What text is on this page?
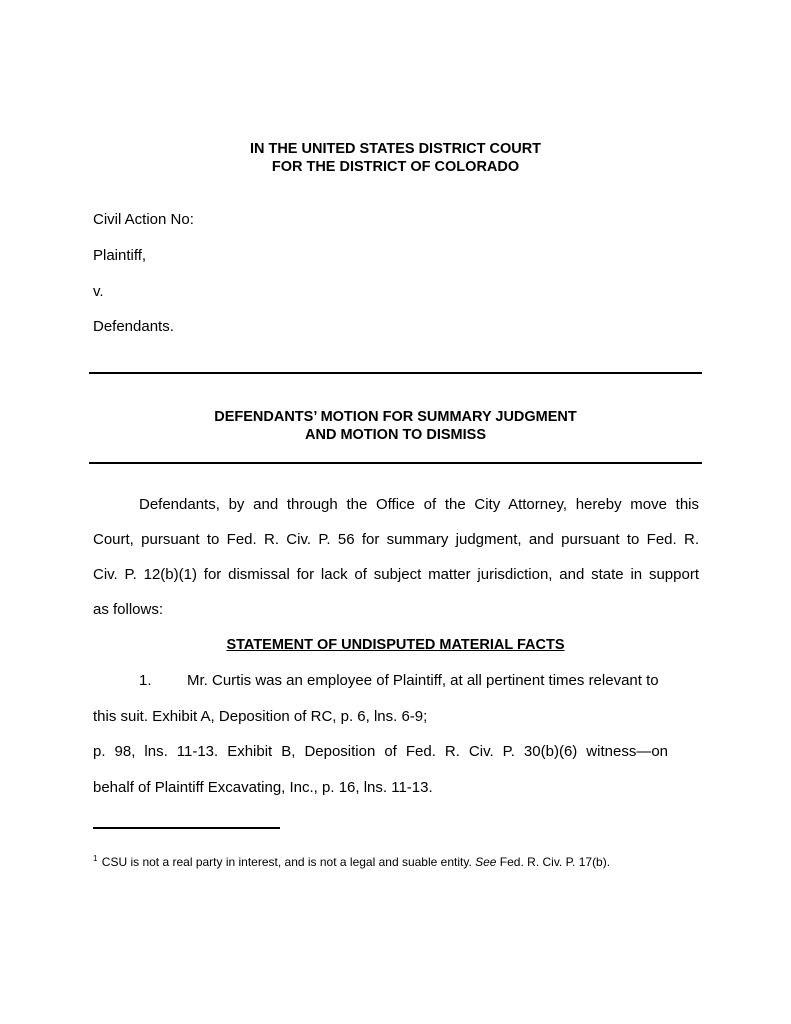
IN THE UNITED STATES DISTRICT COURT
FOR THE DISTRICT OF COLORADO
Civil Action No:
Plaintiff,
v.
Defendants.
DEFENDANTS’ MOTION FOR SUMMARY JUDGMENT
AND MOTION TO DISMISS
Defendants, by and through the Office of the City Attorney, hereby move this
Court, pursuant to Fed. R. Civ. P. 56 for summary judgment, and pursuant to Fed. R.
Civ. P. 12(b)(1) for dismissal for lack of subject matter jurisdiction, and state in support
as follows:
STATEMENT OF UNDISPUTED MATERIAL FACTS
1. Mr. Curtis was an employee of Plaintiff, at all pertinent times relevant to
this suit. Exhibit A, Deposition of RC, p. 6, lns. 6-9;
p. 98, lns. 11-13. Exhibit B, Deposition of Fed. R. Civ. P. 30(b)(6) witness—on
behalf of Plaintiff Excavating, Inc., p. 16, lns. 11-13.
$^1$ CSU is not a real party in interest, and is not a legal and suable entity. See Fed. R. Civ. P. 17(b).
